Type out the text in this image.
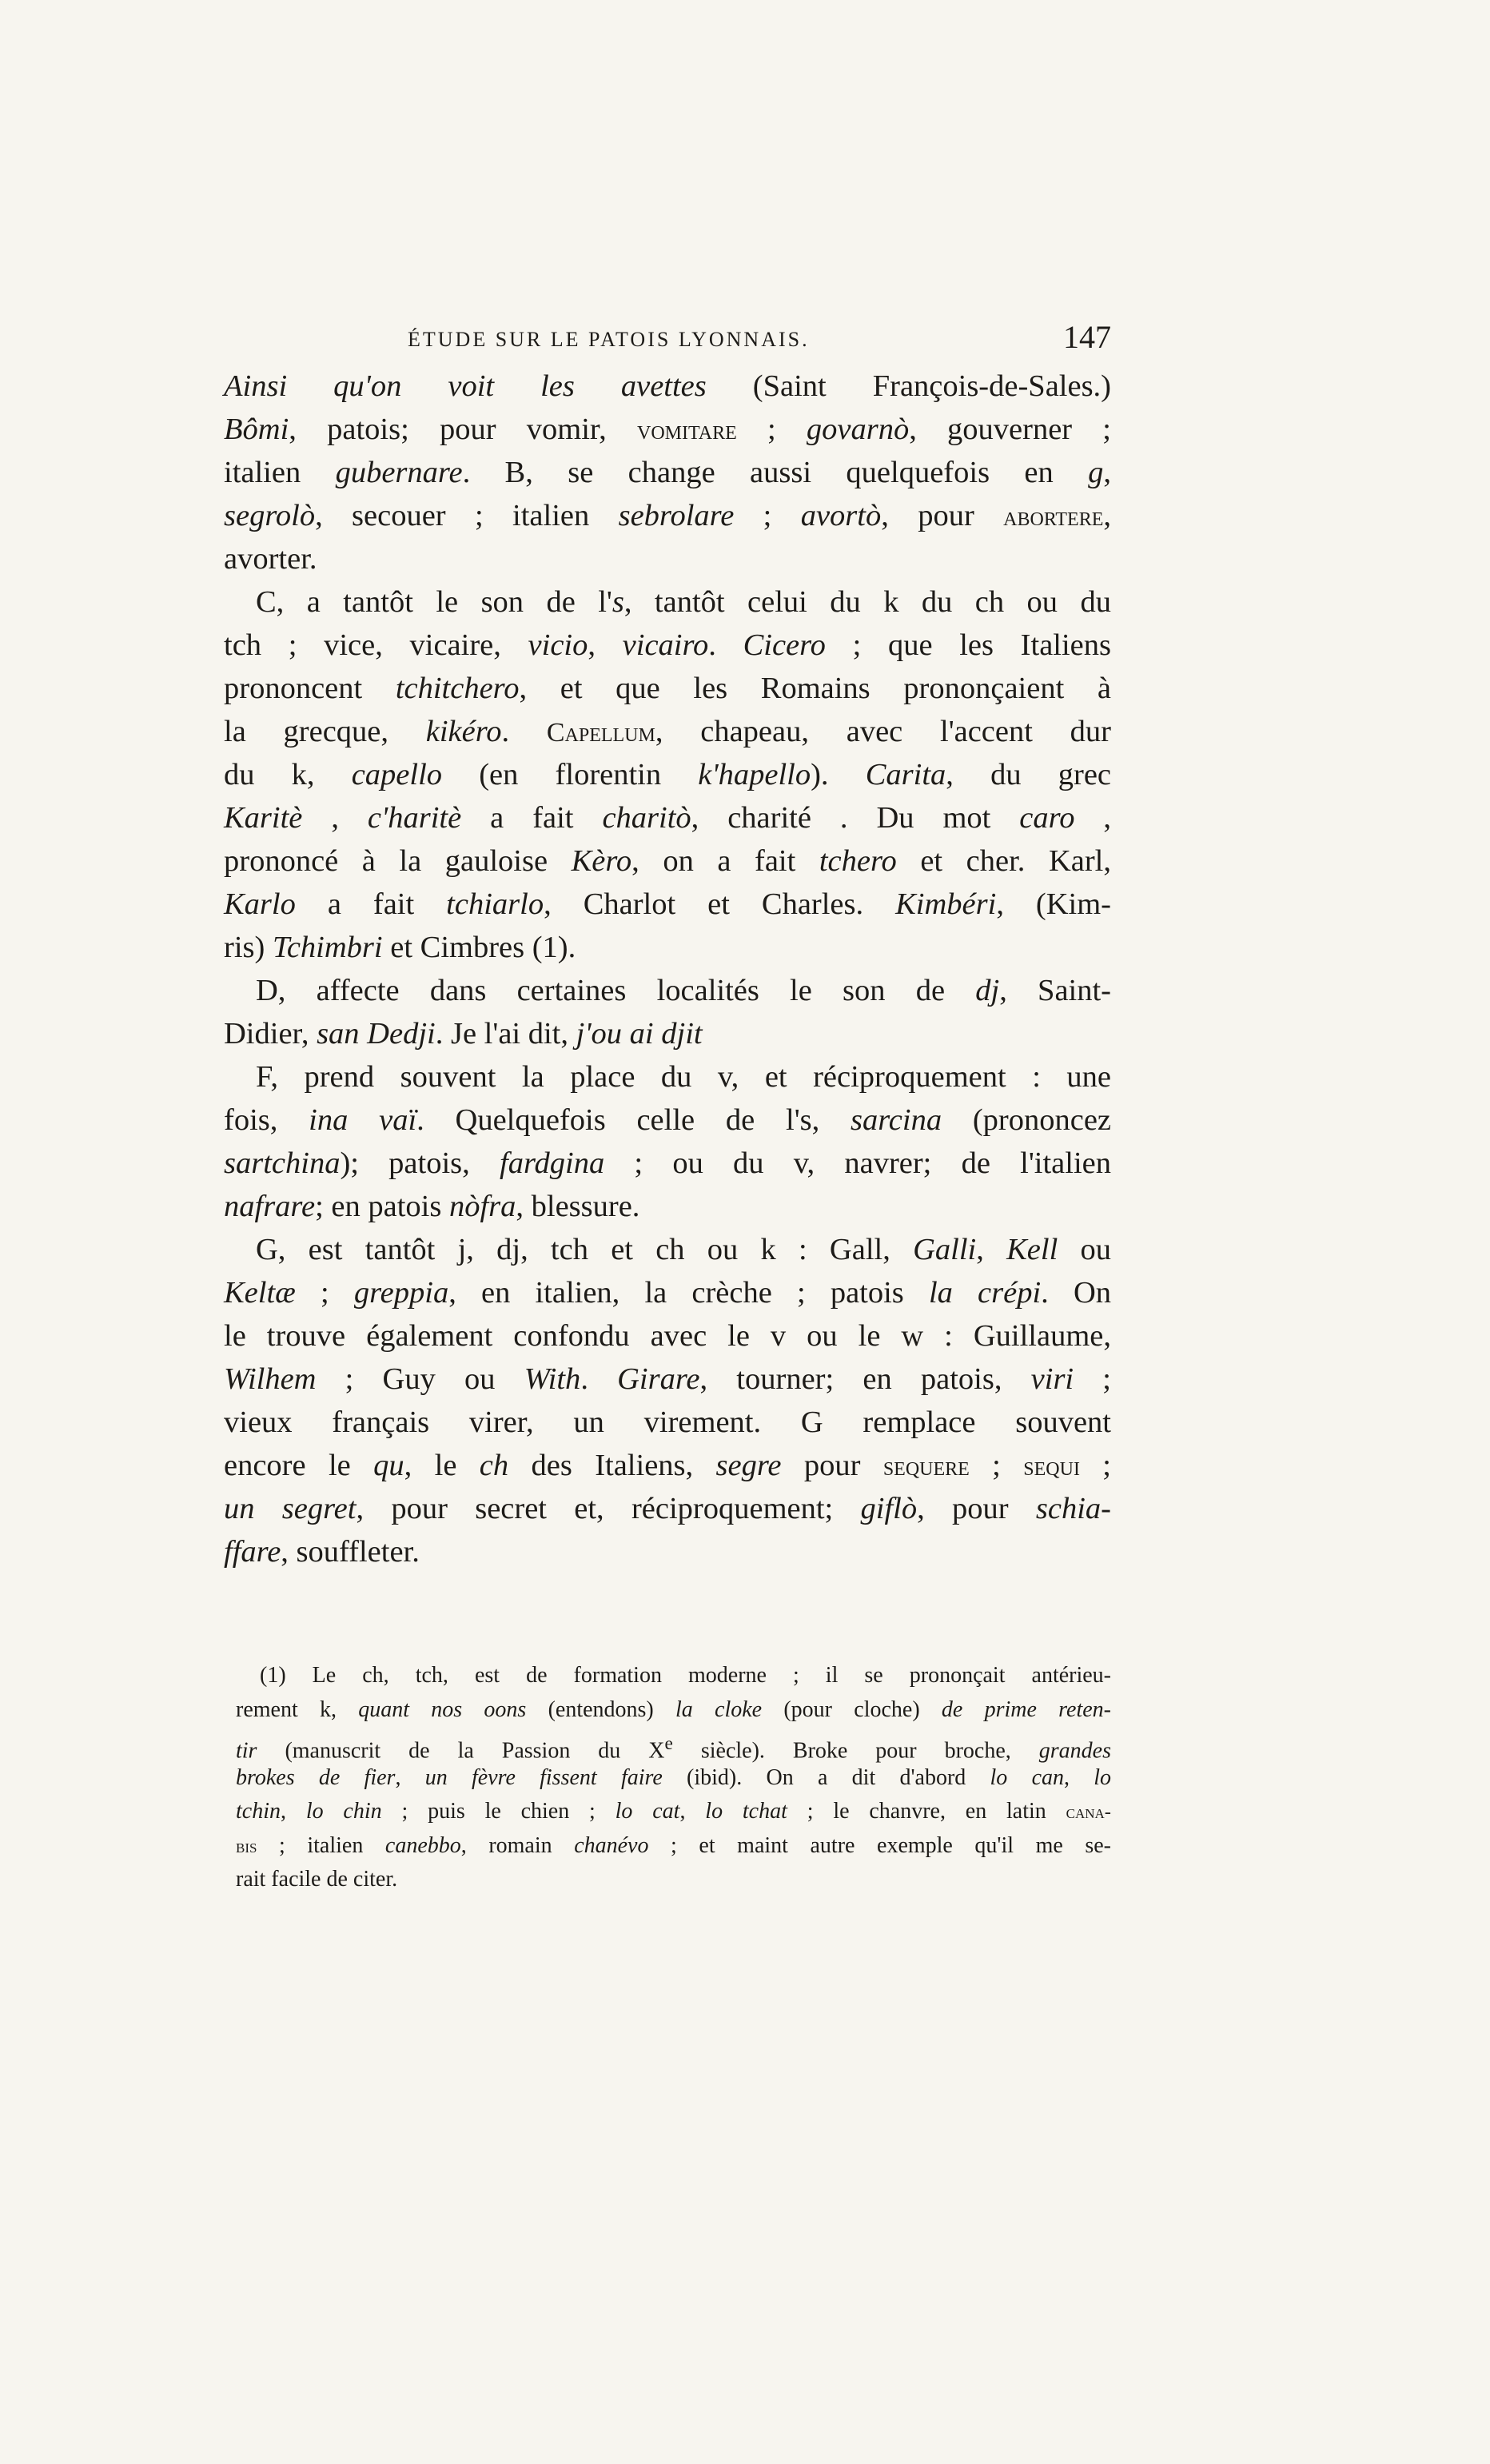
ÉTUDE SUR LE PATOIS LYONNAIS.	147
Ainsi qu'on voit les avettes (Saint François-de-Sales.)
Bômi, patois; pour vomir, vomitare ; govarnò, gouverner ;
italien gubernare. B, se change aussi quelquefois en g,
segrolò, secouer ; italien sebrolare ; avortò, pour abortere,
avorter.
C, a tantôt le son de l's, tantôt celui du k du ch ou du
tch ; vice, vicaire, vicio, vicairo. Cicero ; que les Italiens
prononcent tchitchero, et que les Romains prononçaient à
la grecque, kikéro. Capellum, chapeau, avec l'accent dur
du k, capello (en florentin k'hapello). Carita, du grec
Karitè , c'haritè a fait charitò, charité . Du mot caro ,
prononcé à la gauloise Kèro, on a fait tchero et cher. Karl,
Karlo a fait tchiarlo, Charlot et Charles. Kimbéri, (Kim-
ris) Tchimbri et Cimbres (1).
D, affecte dans certaines localités le son de dj, Saint-
Didier, san Dedji. Je l'ai dit, j'ou ai djit
F, prend souvent la place du v, et réciproquement : une
fois, ina vaï. Quelquefois celle de l's, sarcina (prononcez
sartchina); patois, fardgina ; ou du v, navrer; de l'italien
nafrare; en patois nòfra, blessure.
G, est tantôt j, dj, tch et ch ou k : Gall, Galli, Kell ou
Keltæ ; greppia, en italien, la crèche ; patois la crépi. On
le trouve également confondu avec le v ou le w : Guillaume,
Wilhem ; Guy ou With. Girare, tourner; en patois, viri ;
vieux français virer, un virement. G remplace souvent
encore le qu, le ch des Italiens, segre pour sequere ; sequi ;
un segret, pour secret et, réciproquement; giflò, pour schia-
ffare, souffleter.
(1) Le ch, tch, est de formation moderne ; il se prononçait antérieu-
rement k, quant nos oons (entendons) la cloke (pour cloche) de prime reten-
tir (manuscrit de la Passion du Xe siècle). Broke pour broche, grandes
brokes de fier, un fèvre fissent faire (ibid). On a dit d'abord lo can, lo
tchin, lo chin ; puis le chien ; lo cat, lo tchat ; le chanvre, en latin cana-
bis ; italien canebbo, romain chanévo ; et maint autre exemple qu'il me se-
rait facile de citer.
